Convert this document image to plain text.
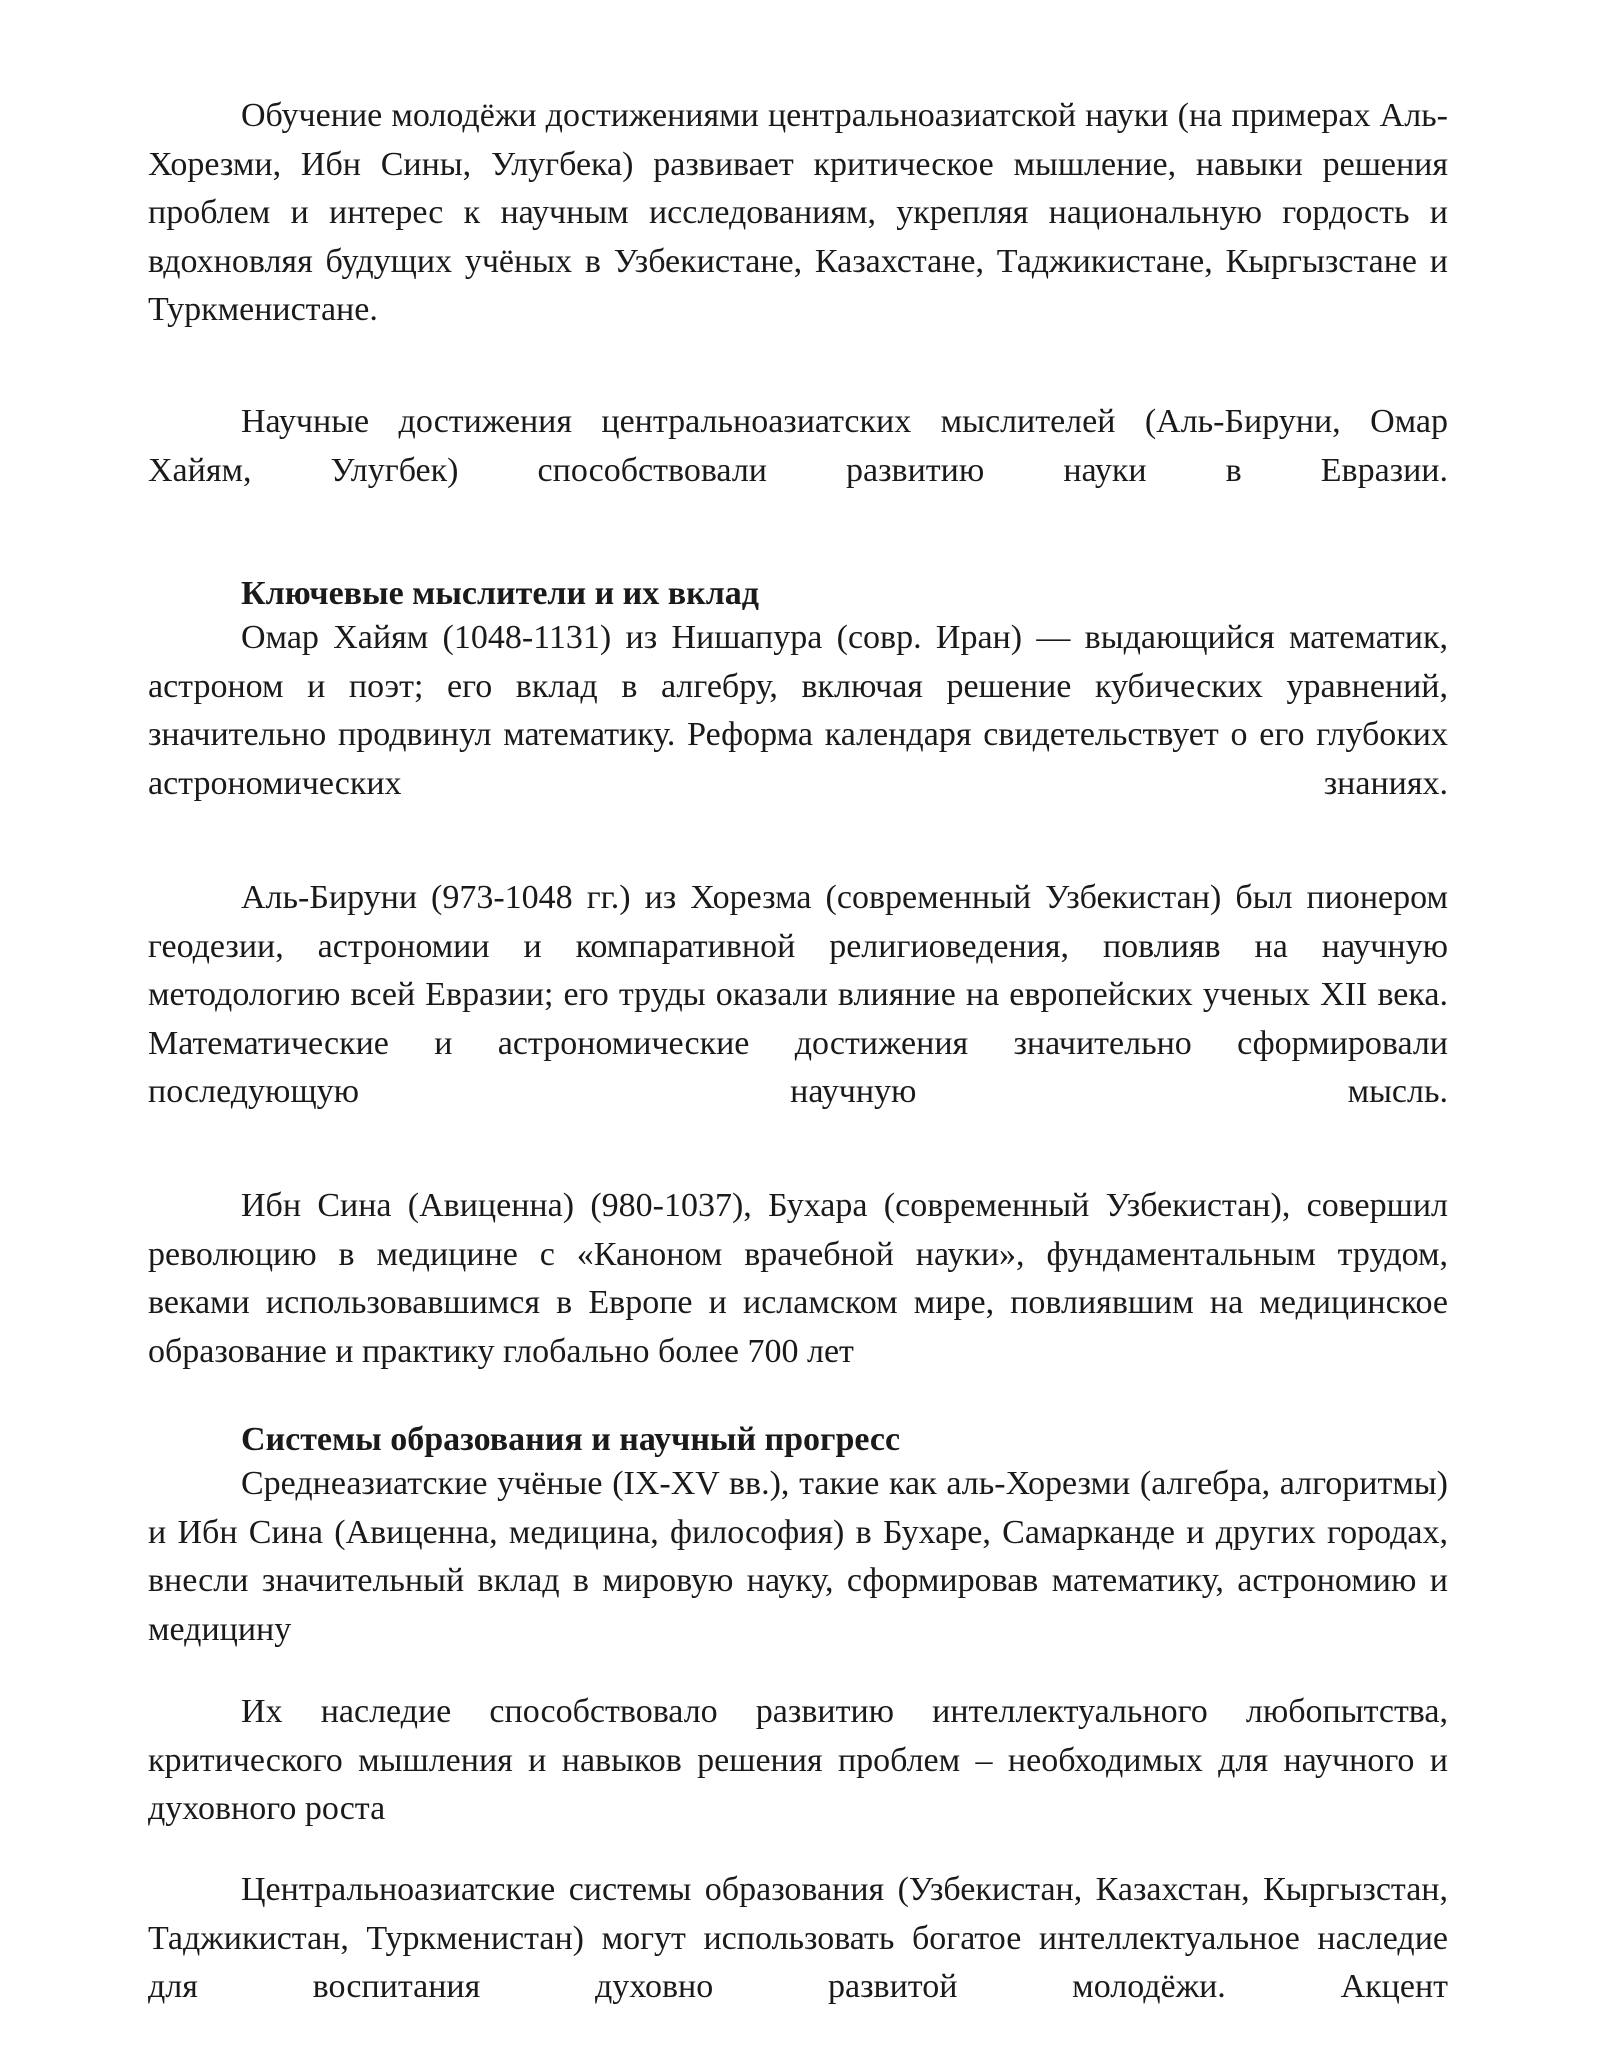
Обучение молодёжи достижениями центральноазиатской науки (на примерах Аль-Хорезми, Ибн Сины, Улугбека) развивает критическое мышление, навыки решения проблем и интерес к научным исследованиям, укрепляя национальную гордость и вдохновляя будущих учёных в Узбекистане, Казахстане, Таджикистане, Кыргызстане и Туркменистане.

Научные достижения центральноазиатских мыслителей (Аль-Бируни, Омар Хайям, Улугбек) способствовали развитию науки в Евразии.

Ключевые мыслители и их вклад

Омар Хайям (1048-1131) из Нишапура (совр. Иран) — выдающийся математик, астроном и поэт; его вклад в алгебру, включая решение кубических уравнений, значительно продвинул математику. Реформа календаря свидетельствует о его глубоких астрономических знаниях.

Аль-Бируни (973-1048 гг.) из Хорезма (современный Узбекистан) был пионером геодезии, астрономии и компаративной религиоведения, повлияв на научную методологию всей Евразии; его труды оказали влияние на европейских ученых XII века. Математические и астрономические достижения значительно сформировали последующую научную мысль.

Ибн Сина (Авиценна) (980-1037), Бухара (современный Узбекистан), совершил революцию в медицине с «Каноном врачебной науки», фундаментальным трудом, веками использовавшимся в Европе и исламском мире, повлиявшим на медицинское образование и практику глобально более 700 лет

Системы образования и научный прогресс

Среднеазиатские учёные (IX-XV вв.), такие как аль-Хорезми (алгебра, алгоритмы) и Ибн Сина (Авиценна, медицина, философия) в Бухаре, Самарканде и других городах, внесли значительный вклад в мировую науку, сформировав математику, астрономию и медицину

Их наследие способствовало развитию интеллектуального любопытства, критического мышления и навыков решения проблем – необходимых для научного и духовного роста

Центральноазиатские системы образования (Узбекистан, Казахстан, Кыргызстан, Таджикистан, Туркменистан) могут использовать богатое интеллектуальное наследие для воспитания духовно развитой молодёжи. Акцент
